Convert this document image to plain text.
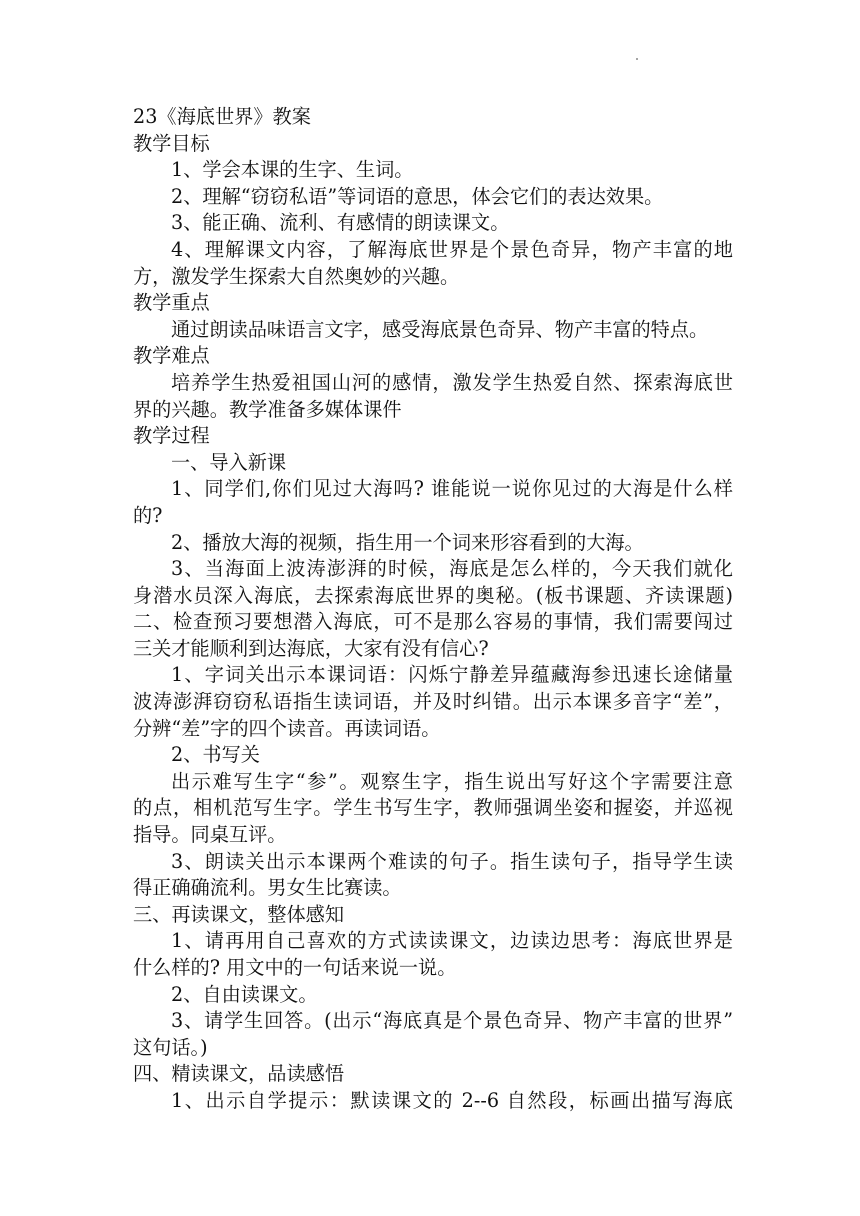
23《海底世界》教案
教学目标
1、学会本课的生字、生词。
2、理解“窃窃私语”等词语的意思，体会它们的表达效果。
3、能正确、流利、有感情的朗读课文。
4、理解课文内容，了解海底世界是个景色奇异，物产丰富的地
方，激发学生探索大自然奥妙的兴趣。
教学重点
通过朗读品味语言文字，感受海底景色奇异、物产丰富的特点。
教学难点
培养学生热爱祖国山河的感情，激发学生热爱自然、探索海底世
界的兴趣。教学准备多媒体课件
教学过程
一、导入新课
1、同学们,你们见过大海吗? 谁能说一说你见过的大海是什么样
的?
2、播放大海的视频，指生用一个词来形容看到的大海。
3、当海面上波涛澎湃的时候，海底是怎么样的，今天我们就化
身潜水员深入海底，去探索海底世界的奥秘。(板书课题、齐读课题)
二、检查预习要想潜入海底，可不是那么容易的事情，我们需要闯过
三关才能顺利到达海底，大家有没有信心?
1、字词关出示本课词语：闪烁宁静差异蕴藏海参迅速长途储量
波涛澎湃窃窃私语指生读词语，并及时纠错。出示本课多音字“差”，
分辨“差”字的四个读音。再读词语。
2、书写关
出示难写生字“参”。观察生字，指生说出写好这个字需要注意
的点，相机范写生字。学生书写生字，教师强调坐姿和握姿，并巡视
指导。同桌互评。
3、朗读关出示本课两个难读的句子。指生读句子，指导学生读
得正确确流利。男女生比赛读。
三、再读课文，整体感知
1、请再用自己喜欢的方式读读课文，边读边思考：海底世界是
什么样的? 用文中的一句话来说一说。
2、自由读课文。
3、请学生回答。(出示“海底真是个景色奇异、物产丰富的世界”
这句话。)
四、精读课文，品读感悟
1、出示自学提示：默读课文的 2--6 自然段，标画出描写海底
